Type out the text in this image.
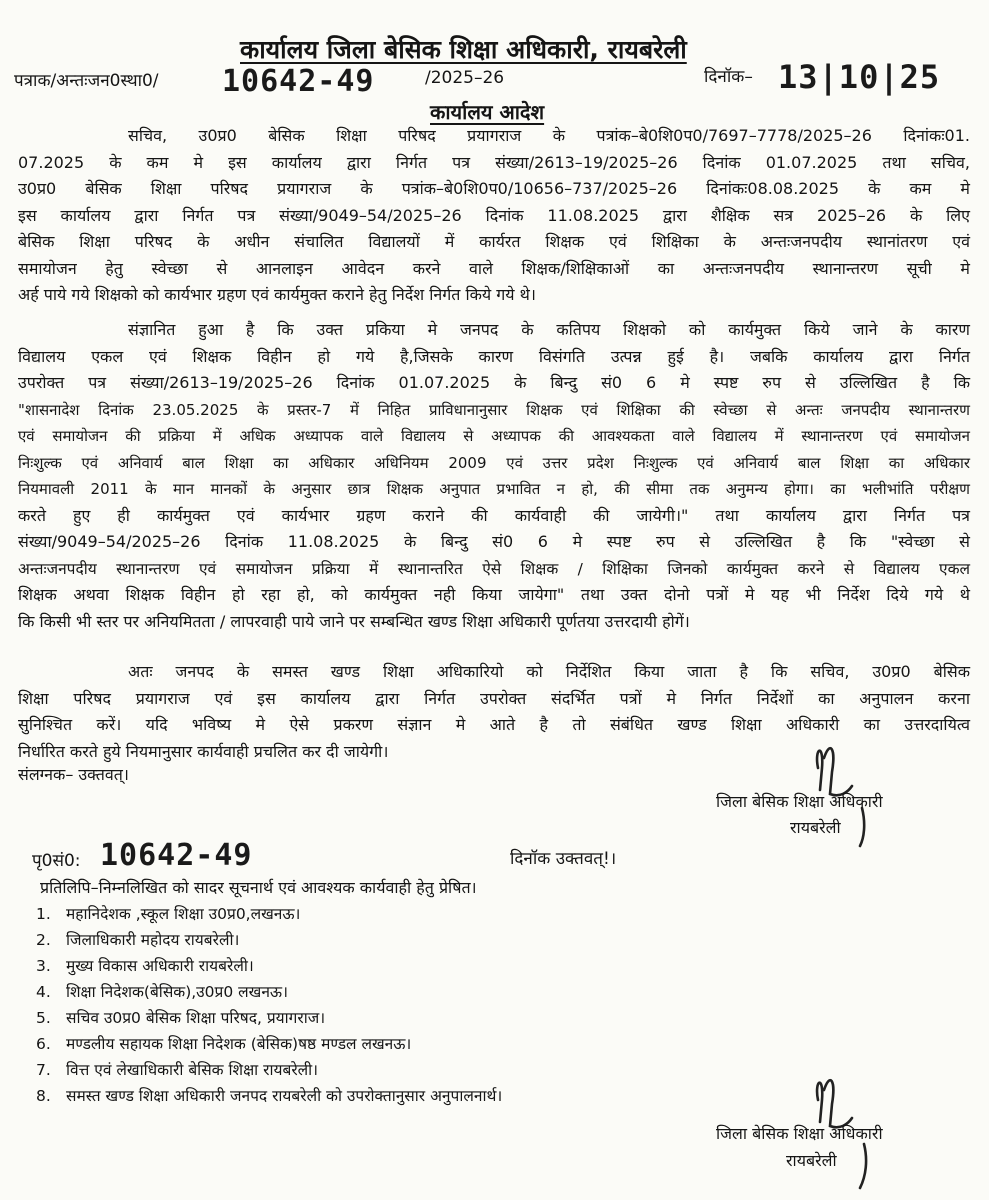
कार्यालय जिला बेसिक शिक्षा अधिकारी, रायबरेली
पत्राक/अन्तःजन0स्था0/ 10642-49	/2025–26	दिनॉक– 13|10|25
कार्यालय आदेश
सचिव, उ0प्र0 बेसिक शिक्षा परिषद प्रयागराज के पत्रांक–बे0शि0प0/7697–7778/2025–26 दिनांकः01.
07.2025 के कम मे इस कार्यालय द्वारा निर्गत पत्र संख्या/2613–19/2025–26 दिनांक 01.07.2025 तथा सचिव,
उ0प्र0 बेसिक शिक्षा परिषद प्रयागराज के पत्रांक–बे0शि0प0/10656–737/2025–26 दिनांकः08.08.2025 के कम मे
इस कार्यालय द्वारा निर्गत पत्र संख्या/9049–54/2025–26 दिनांक 11.08.2025 द्वारा शैक्षिक सत्र 2025–26 के लिए
बेसिक शिक्षा परिषद के अधीन संचालित विद्यालयों में कार्यरत शिक्षक एवं शिक्षिका के अन्तःजनपदीय स्थानांतरण एवं
समायोजन हेतु स्वेच्छा से आनलाइन आवेदन करने वाले शिक्षक/शिक्षिकाओं का अन्तःजनपदीय स्थानान्तरण सूची मे
अर्ह पाये गये शिक्षको को कार्यभार ग्रहण एवं कार्यमुक्त कराने हेतु निर्देश निर्गत किये गये थे।
संज्ञानित हुआ है कि उक्त प्रकिया मे जनपद के कतिपय शिक्षको को कार्यमुक्त किये जाने के कारण
विद्यालय एकल एवं शिक्षक विहीन हो गये है,जिसके कारण विसंगति उत्पन्न हुई है। जबकि कार्यालय द्वारा निर्गत
उपरोक्त पत्र संख्या/2613–19/2025–26 दिनांक 01.07.2025 के बिन्दु सं0 6 मे स्पष्ट रुप से उल्लिखित है कि
"शासनादेश दिनांक 23.05.2025 के प्रस्तर-7 में निहित प्राविधानानुसार शिक्षक एवं शिक्षिका की स्वेच्छा से अन्तः जनपदीय स्थानान्तरण
एवं समायोजन की प्रक्रिया में अधिक अध्यापक वाले विद्यालय से अध्यापक की आवश्यकता वाले विद्यालय में स्थानान्तरण एवं समायोजन
निःशुल्क एवं अनिवार्य बाल शिक्षा का अधिकार अधिनियम 2009 एवं उत्तर प्रदेश निःशुल्क एवं अनिवार्य बाल शिक्षा का अधिकार
नियमावली 2011 के मान मानकों के अनुसार छात्र शिक्षक अनुपात प्रभावित न हो, की सीमा तक अनुमन्य होगा। का भलीभांति परीक्षण
करते हुए ही कार्यमुक्त एवं कार्यभार ग्रहण कराने की कार्यवाही की जायेगी।" तथा कार्यालय द्वारा निर्गत पत्र
संख्या/9049–54/2025–26 दिनांक 11.08.2025 के बिन्दु सं0 6 मे स्पष्ट रुप से उल्लिखित है कि "स्वेच्छा से
अन्तःजनपदीय स्थानान्तरण एवं समायोजन प्रक्रिया में स्थानान्तरित ऐसे शिक्षक / शिक्षिका जिनको कार्यमुक्त करने से विद्यालय एकल
शिक्षक अथवा शिक्षक विहीन हो रहा हो, को कार्यमुक्त नही किया जायेगा" तथा उक्त दोनो पत्रों मे यह भी निर्देश दिये गये थे
कि किसी भी स्तर पर अनियमितता / लापरवाही पाये जाने पर सम्बन्धित खण्ड शिक्षा अधिकारी पूर्णतया उत्तरदायी होगें।
अतः जनपद के समस्त खण्ड शिक्षा अधिकारियो को निर्देशित किया जाता है कि सचिव, उ0प्र0 बेसिक
शिक्षा परिषद प्रयागराज एवं इस कार्यालय द्वारा निर्गत उपरोक्त संदर्भित पत्रों मे निर्गत निर्देशों का अनुपालन करना
सुनिश्चित करें। यदि भविष्य मे ऐसे प्रकरण संज्ञान मे आते है तो संबंधित खण्ड शिक्षा अधिकारी का उत्तरदायित्व
निर्धारित करते हुये नियमानुसार कार्यवाही प्रचलित कर दी जायेगी।
संलग्नक– उक्तवत्।
जिला बेसिक शिक्षा अधिकारी
रायबरेली
पृ0सं0: 10642-49	दिनॉक उक्तवत्!।
प्रतिलिपि–निम्नलिखित को सादर सूचनार्थ एवं आवश्यक कार्यवाही हेतु प्रेषित।
1. महानिदेशक ,स्कूल शिक्षा उ0प्र0,लखनऊ।
2. जिलाधिकारी महोदय रायबरेली।
3. मुख्य विकास अधिकारी रायबरेली।
4. शिक्षा निदेशक(बेसिक),उ0प्र0 लखनऊ।
5. सचिव उ0प्र0 बेसिक शिक्षा परिषद, प्रयागराज।
6. मण्डलीय सहायक शिक्षा निदेशक (बेसिक)षष्ठ मण्डल लखनऊ।
7. वित्त एवं लेखाधिकारी बेसिक शिक्षा रायबरेली।
8. समस्त खण्ड शिक्षा अधिकारी जनपद रायबरेली को उपरोक्तानुसार अनुपालनार्थ।
जिला बेसिक शिक्षा अधिकारी
रायबरेली
